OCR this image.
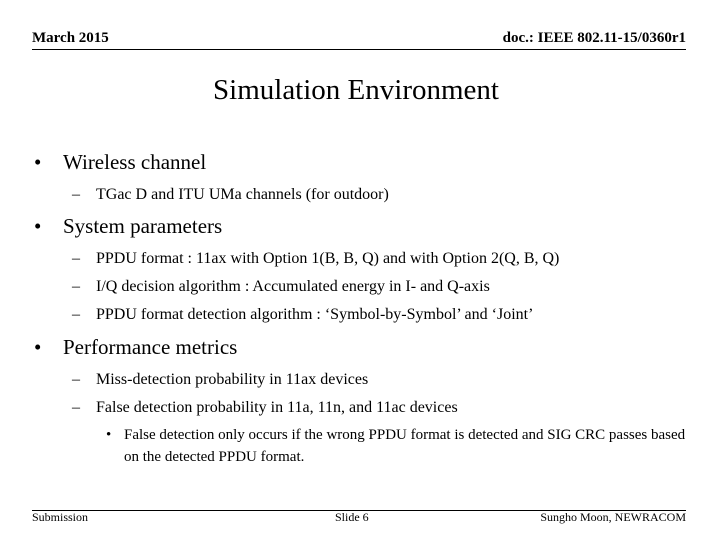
March 2015	doc.: IEEE 802.11-15/0360r1
Simulation Environment
• Wireless channel
– TGac D and ITU UMa channels (for outdoor)
• System parameters
– PPDU format : 11ax with Option 1(B, B, Q) and with Option 2(Q, B, Q)
– I/Q decision algorithm : Accumulated energy in I- and Q-axis
– PPDU format detection algorithm : ‘Symbol-by-Symbol’ and ‘Joint’
• Performance metrics
– Miss-detection probability in 11ax devices
– False detection probability in 11a, 11n, and 11ac devices
• False detection only occurs if the wrong PPDU format is detected and SIG CRC passes based on the detected PPDU format.
Submission	Slide 6	Sungho Moon, NEWRACOM
